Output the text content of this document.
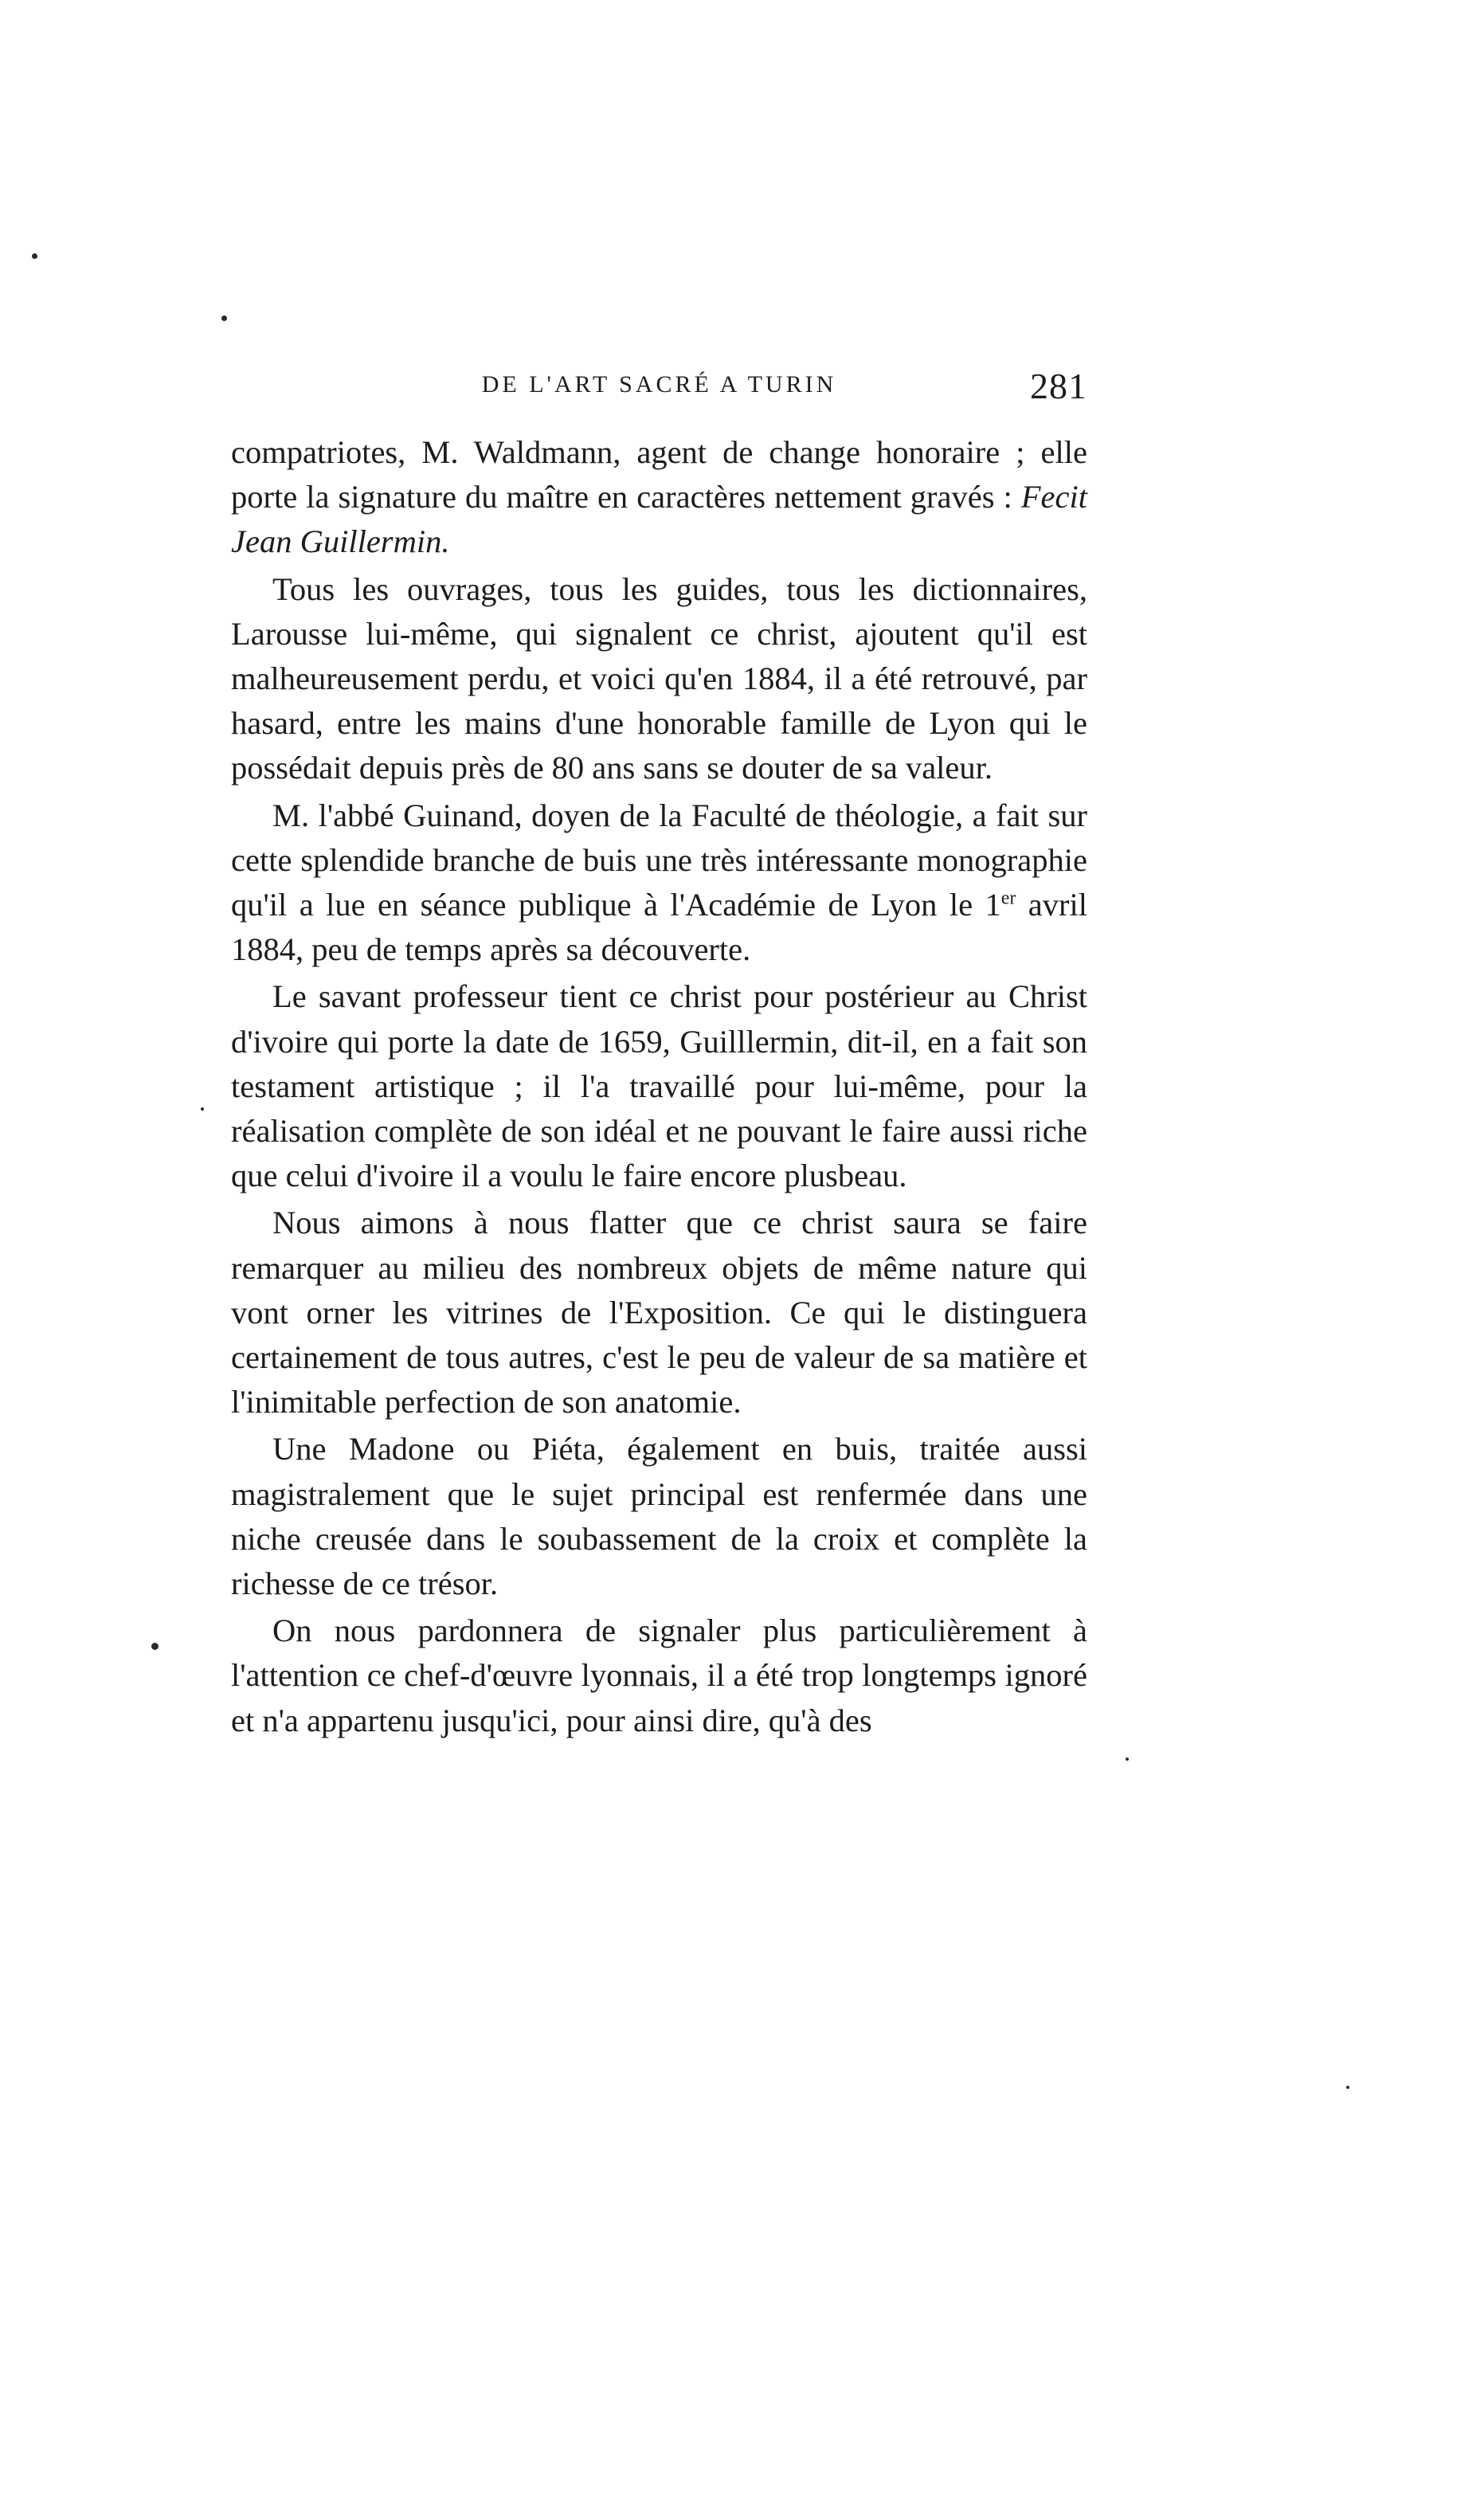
DE L'ART SACRÉ A TURIN	281

compatriotes, M. Waldmann, agent de change honoraire ; elle porte la signature du maître en caractères nettement gravés : Fecit Jean Guillermin.

Tous les ouvrages, tous les guides, tous les dictionnaires, Larousse lui-même, qui signalent ce christ, ajoutent qu'il est malheureusement perdu, et voici qu'en 1884, il a été retrouvé, par hasard, entre les mains d'une honorable famille de Lyon qui le possédait depuis près de 80 ans sans se douter de sa valeur.

M. l'abbé Guinand, doyen de la Faculté de théologie, a fait sur cette splendide branche de buis une très intéressante monographie qu'il a lue en séance publique à l'Académie de Lyon le 1er avril 1884, peu de temps après sa découverte.

Le savant professeur tient ce christ pour postérieur au Christ d'ivoire qui porte la date de 1659, Guilllermin, dit-il, en a fait son testament artistique ; il l'a travaillé pour lui-même, pour la réalisation complète de son idéal et ne pouvant le faire aussi riche que celui d'ivoire il a voulu le faire encore plusbeau.

Nous aimons à nous flatter que ce christ saura se faire remarquer au milieu des nombreux objets de même nature qui vont orner les vitrines de l'Exposition. Ce qui le distinguera certainement de tous autres, c'est le peu de valeur de sa matière et l'inimitable perfection de son anatomie.

Une Madone ou Piéta, également en buis, traitée aussi magistralement que le sujet principal est renfermée dans une niche creusée dans le soubassement de la croix et complète la richesse de ce trésor.

On nous pardonnera de signaler plus particulièrement à l'attention ce chef-d'œuvre lyonnais, il a été trop longtemps ignoré et n'a appartenu jusqu'ici, pour ainsi dire, qu'à des
